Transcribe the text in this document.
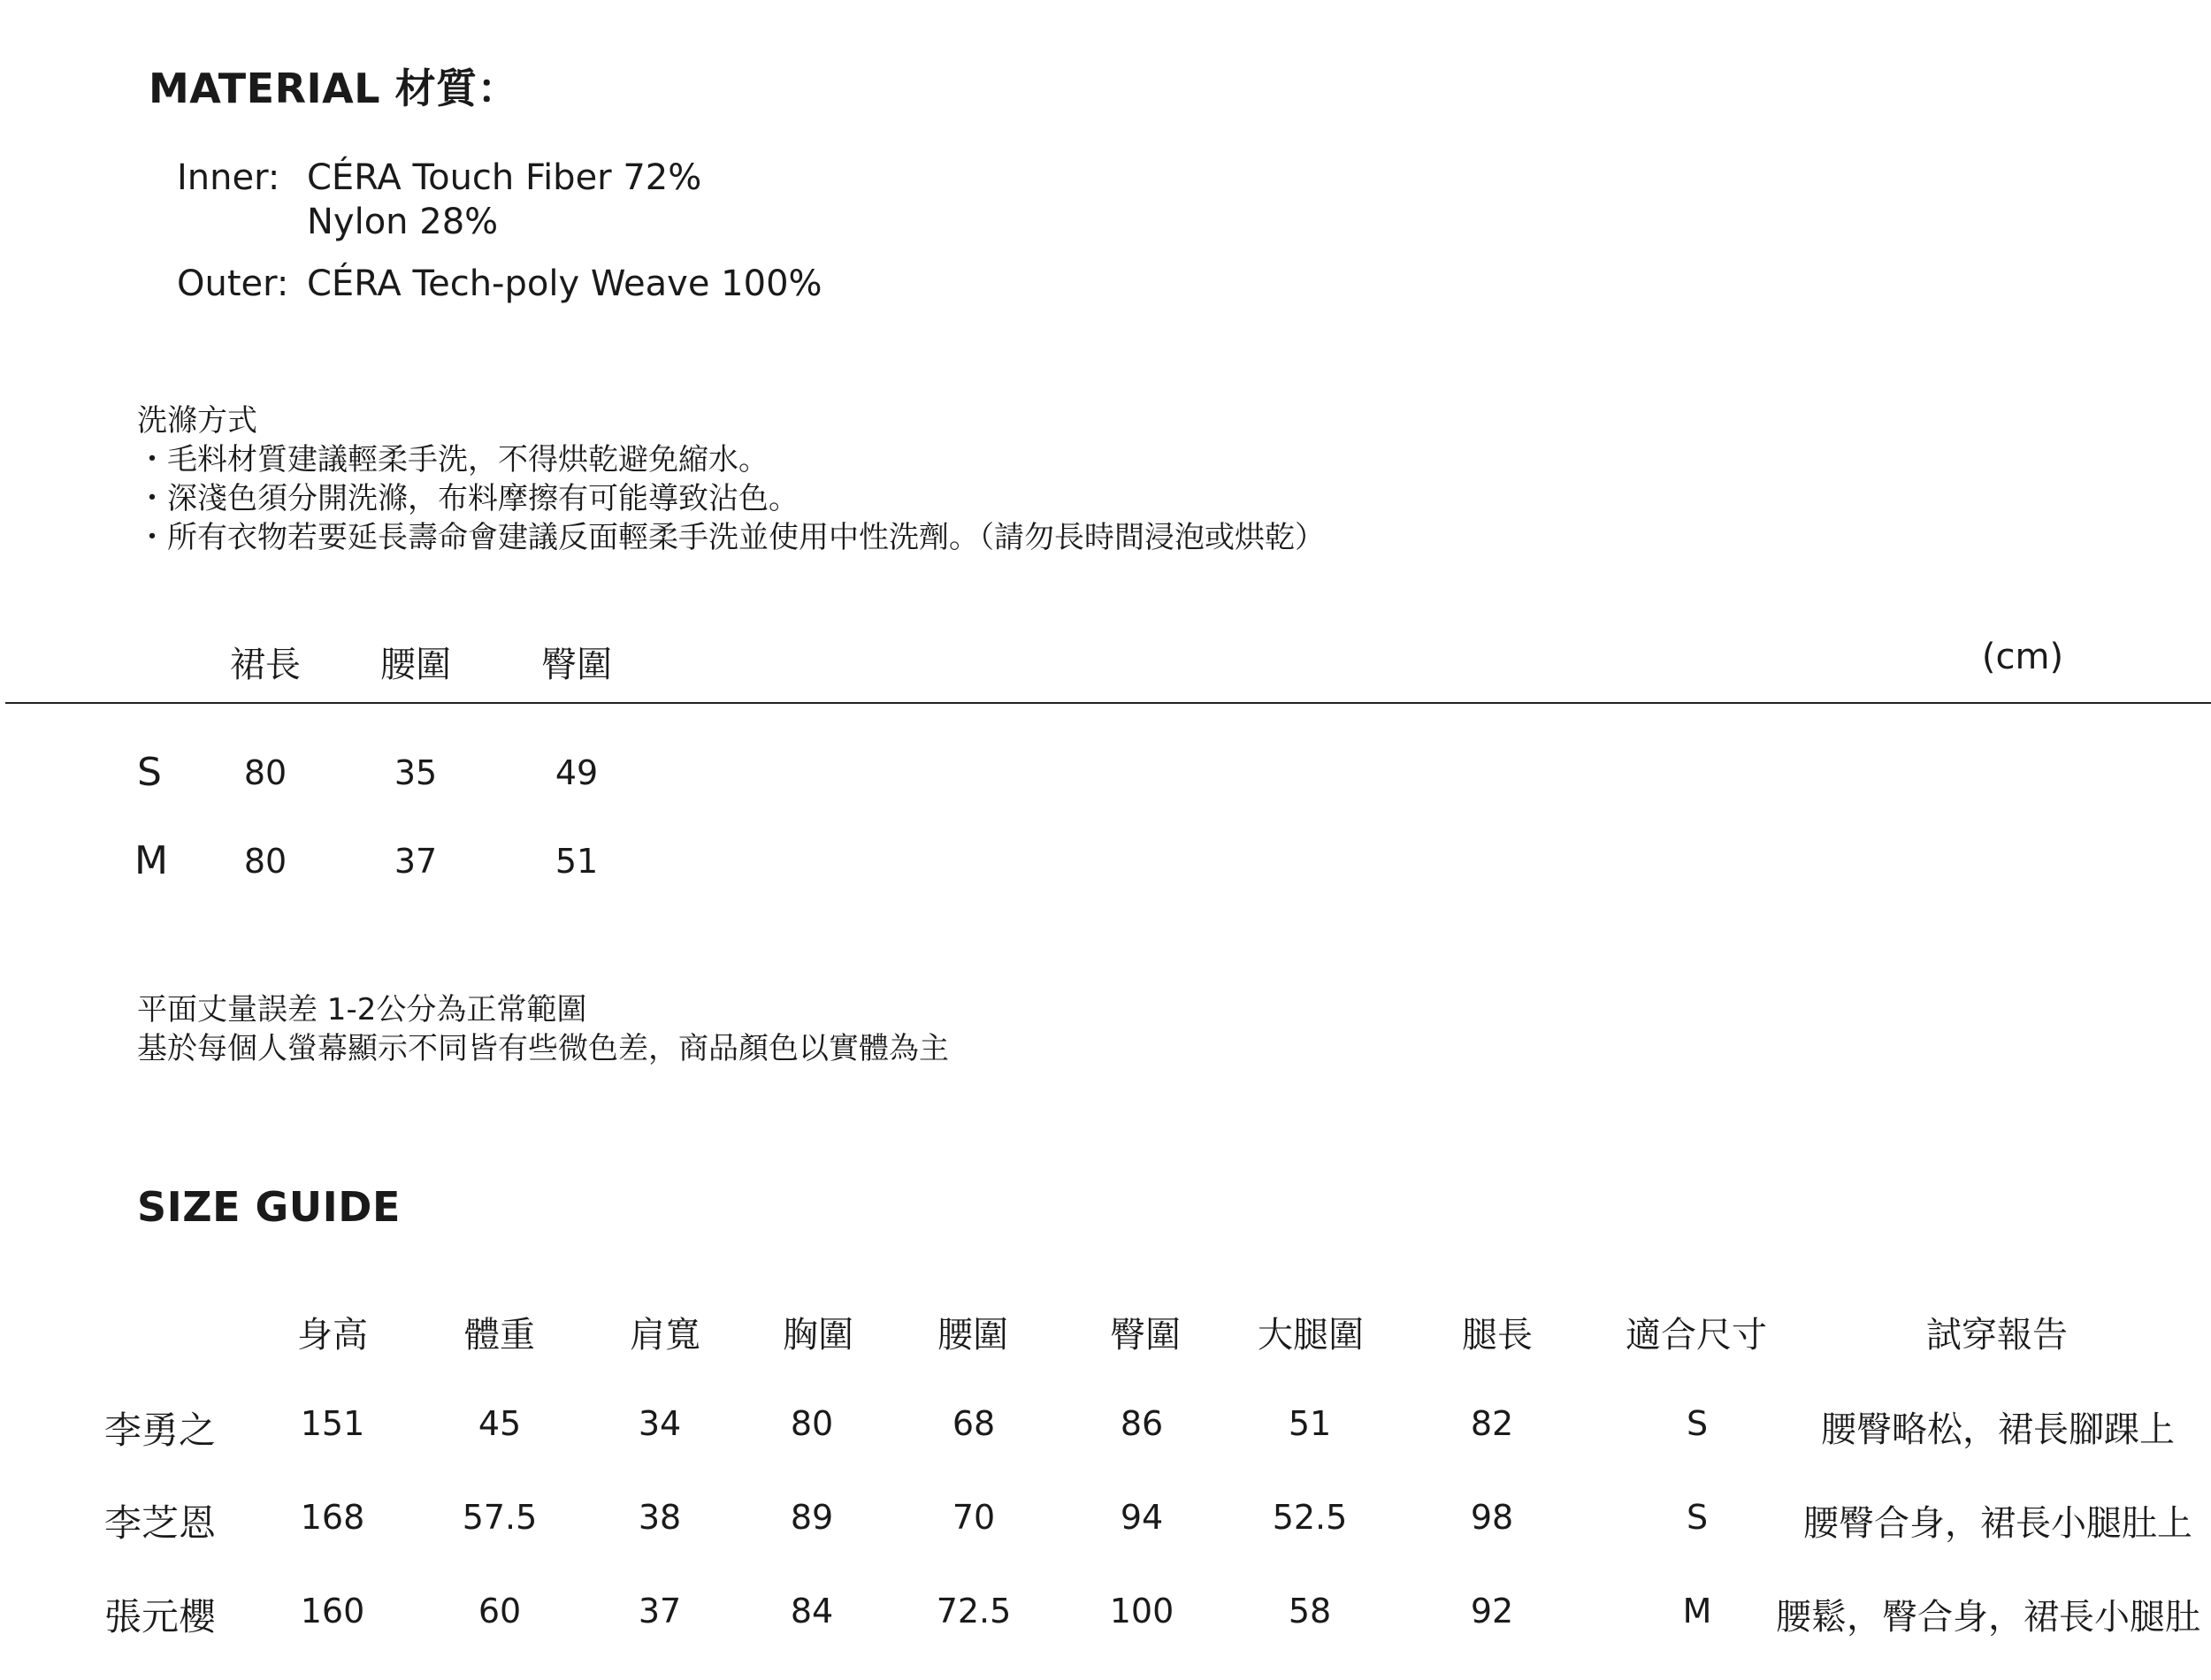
MATERIAL 材質：
Inner: CÉRA Touch Fiber 72%
Nylon 28%
Outer: CÉRA Tech-poly Weave 100%
洗滌方式
・毛料材質建議輕柔手洗，不得烘乾避免縮水。
・深淺色須分開洗滌，布料摩擦有可能導致沾色。
・所有衣物若要延長壽命會建議反面輕柔手洗並使用中性洗劑。（請勿長時間浸泡或烘乾）
裙長 腰圍	臀圍	(cm)
S 80	35	49
M 80	37	51
平面丈量誤差 1-2公分為正常範圍
基於每個人螢幕顯示不同皆有些微色差，商品顏色以實體為主
SIZE GUIDE
身高	體重	肩寬 胸圍 腰圍	臀圍 大腿圍	腿長	適合尺寸	試穿報告
李勇之	151	45	34	80	68	86	51	82	S	腰臀略松，裙長腳踝上
李芝恩	168	57.5	38	89	70	94	52.5	98	S	腰臀合身，裙長小腿肚上
張元櫻	160	60	37	84	72.5	100	58	92	M 腰鬆，臀合身，裙長小腿肚
